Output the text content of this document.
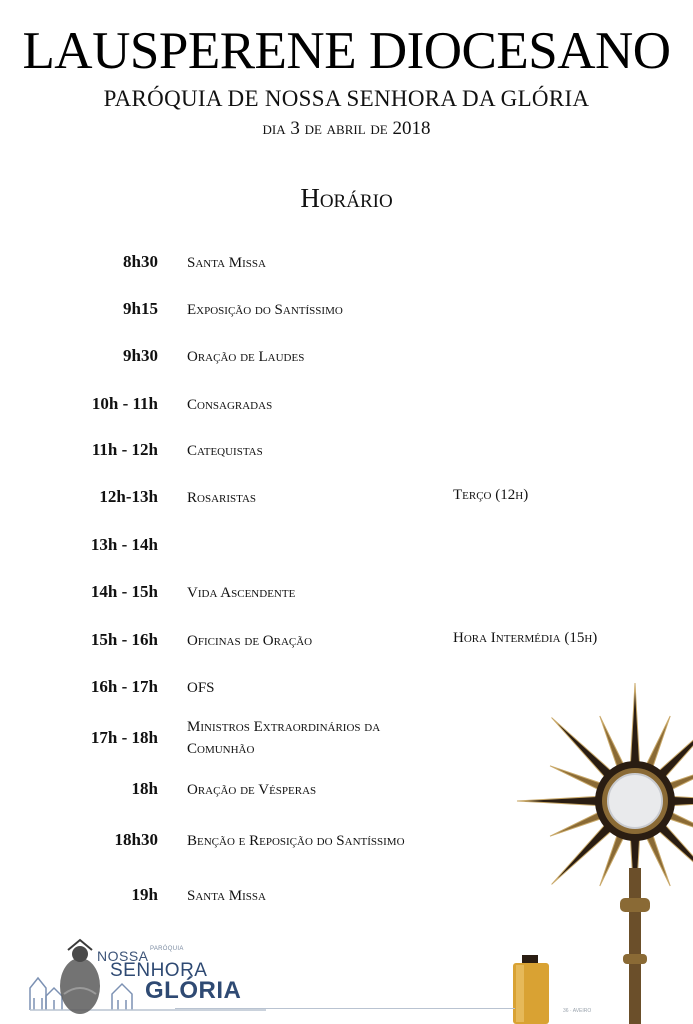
LAUSPERENE DIOCESANO
PARÓQUIA DE NOSSA SENHORA DA GLÓRIA
dia 3 de abril de 2018
Horário
8h30 Santa Missa
9h15 Exposição do Santíssimo
9h30 Oração de Laudes
10h - 11h Consagradas
11h - 12h Catequistas
12h-13h Rosaristas	Terço (12h)
13h - 14h
14h - 15h Vida Ascendente
15h - 16h Oficinas de Oração	Hora Intermédia (15h)
16h - 17h OFS
17h - 18h
Ministros Extraordinários da Comunhão
18h Oração de Vésperas
18h30 Benção e Reposição do Santíssimo
19h Santa Missa
PARÓQUIA
NOSSA
SENHORA
GLÓRIA
36 · AVEIRO
